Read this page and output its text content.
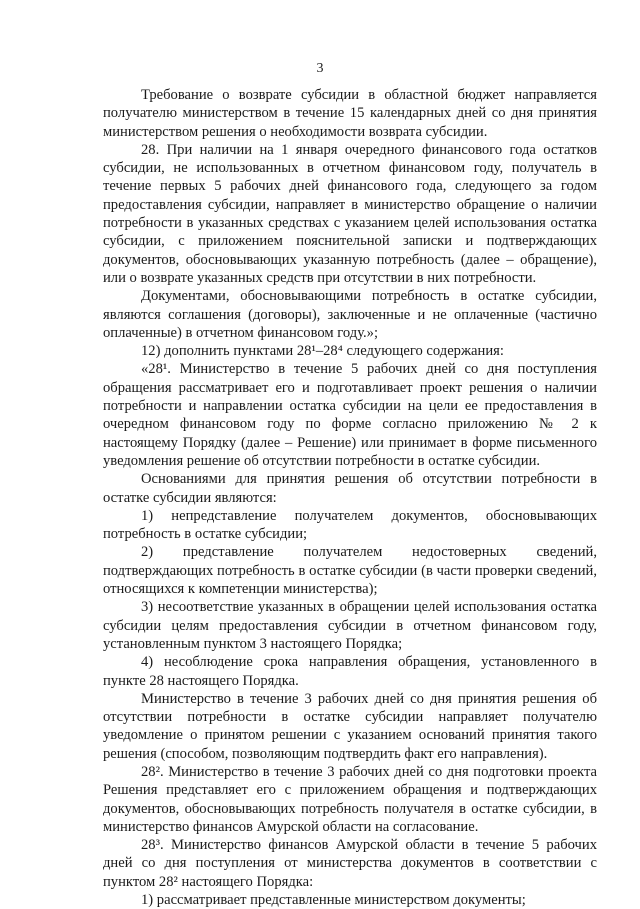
3

Требование о возврате субсидии в областной бюджет направляется получателю министерством в течение 15 календарных дней со дня принятия министерством решения о необходимости возврата субсидии.

28. При наличии на 1 января очередного финансового года остатков субсидии, не использованных в отчетном финансовом году, получатель в течение первых 5 рабочих дней финансового года, следующего за годом предоставления субсидии, направляет в министерство обращение о наличии потребности в указанных средствах с указанием целей использования остатка субсидии, с приложением пояснительной записки и подтверждающих документов, обосновывающих указанную потребность (далее – обращение), или о возврате указанных средств при отсутствии в них потребности.

Документами, обосновывающими потребность в остатке субсидии, являются соглашения (договоры), заключенные и не оплаченные (частично оплаченные) в отчетном финансовом году.»;

12) дополнить пунктами 28¹–28⁴ следующего содержания:

«28¹. Министерство в течение 5 рабочих дней со дня поступления обращения рассматривает его и подготавливает проект решения о наличии потребности и направлении остатка субсидии на цели ее предоставления в очередном финансовом году по форме согласно приложению № 2 к настоящему Порядку (далее – Решение) или принимает в форме письменного уведомления решение об отсутствии потребности в остатке субсидии.

Основаниями для принятия решения об отсутствии потребности в остатке субсидии являются:

1) непредставление получателем документов, обосновывающих потребность в остатке субсидии;

2) представление получателем недостоверных сведений, подтверждающих потребность в остатке субсидии (в части проверки сведений, относящихся к компетенции министерства);

3) несоответствие указанных в обращении целей использования остатка субсидии целям предоставления субсидии в отчетном финансовом году, установленным пунктом 3 настоящего Порядка;

4) несоблюдение срока направления обращения, установленного в пункте 28 настоящего Порядка.

Министерство в течение 3 рабочих дней со дня принятия решения об отсутствии потребности в остатке субсидии направляет получателю уведомление о принятом решении с указанием оснований принятия такого решения (способом, позволяющим подтвердить факт его направления).

28². Министерство в течение 3 рабочих дней со дня подготовки проекта Решения представляет его с приложением обращения и подтверждающих документов, обосновывающих потребность получателя в остатке субсидии, в министерство финансов Амурской области на согласование.

28³. Министерство финансов Амурской области в течение 5 рабочих дней со дня поступления от министерства документов в соответствии с пунктом 28² настоящего Порядка:

1) рассматривает представленные министерством документы;
